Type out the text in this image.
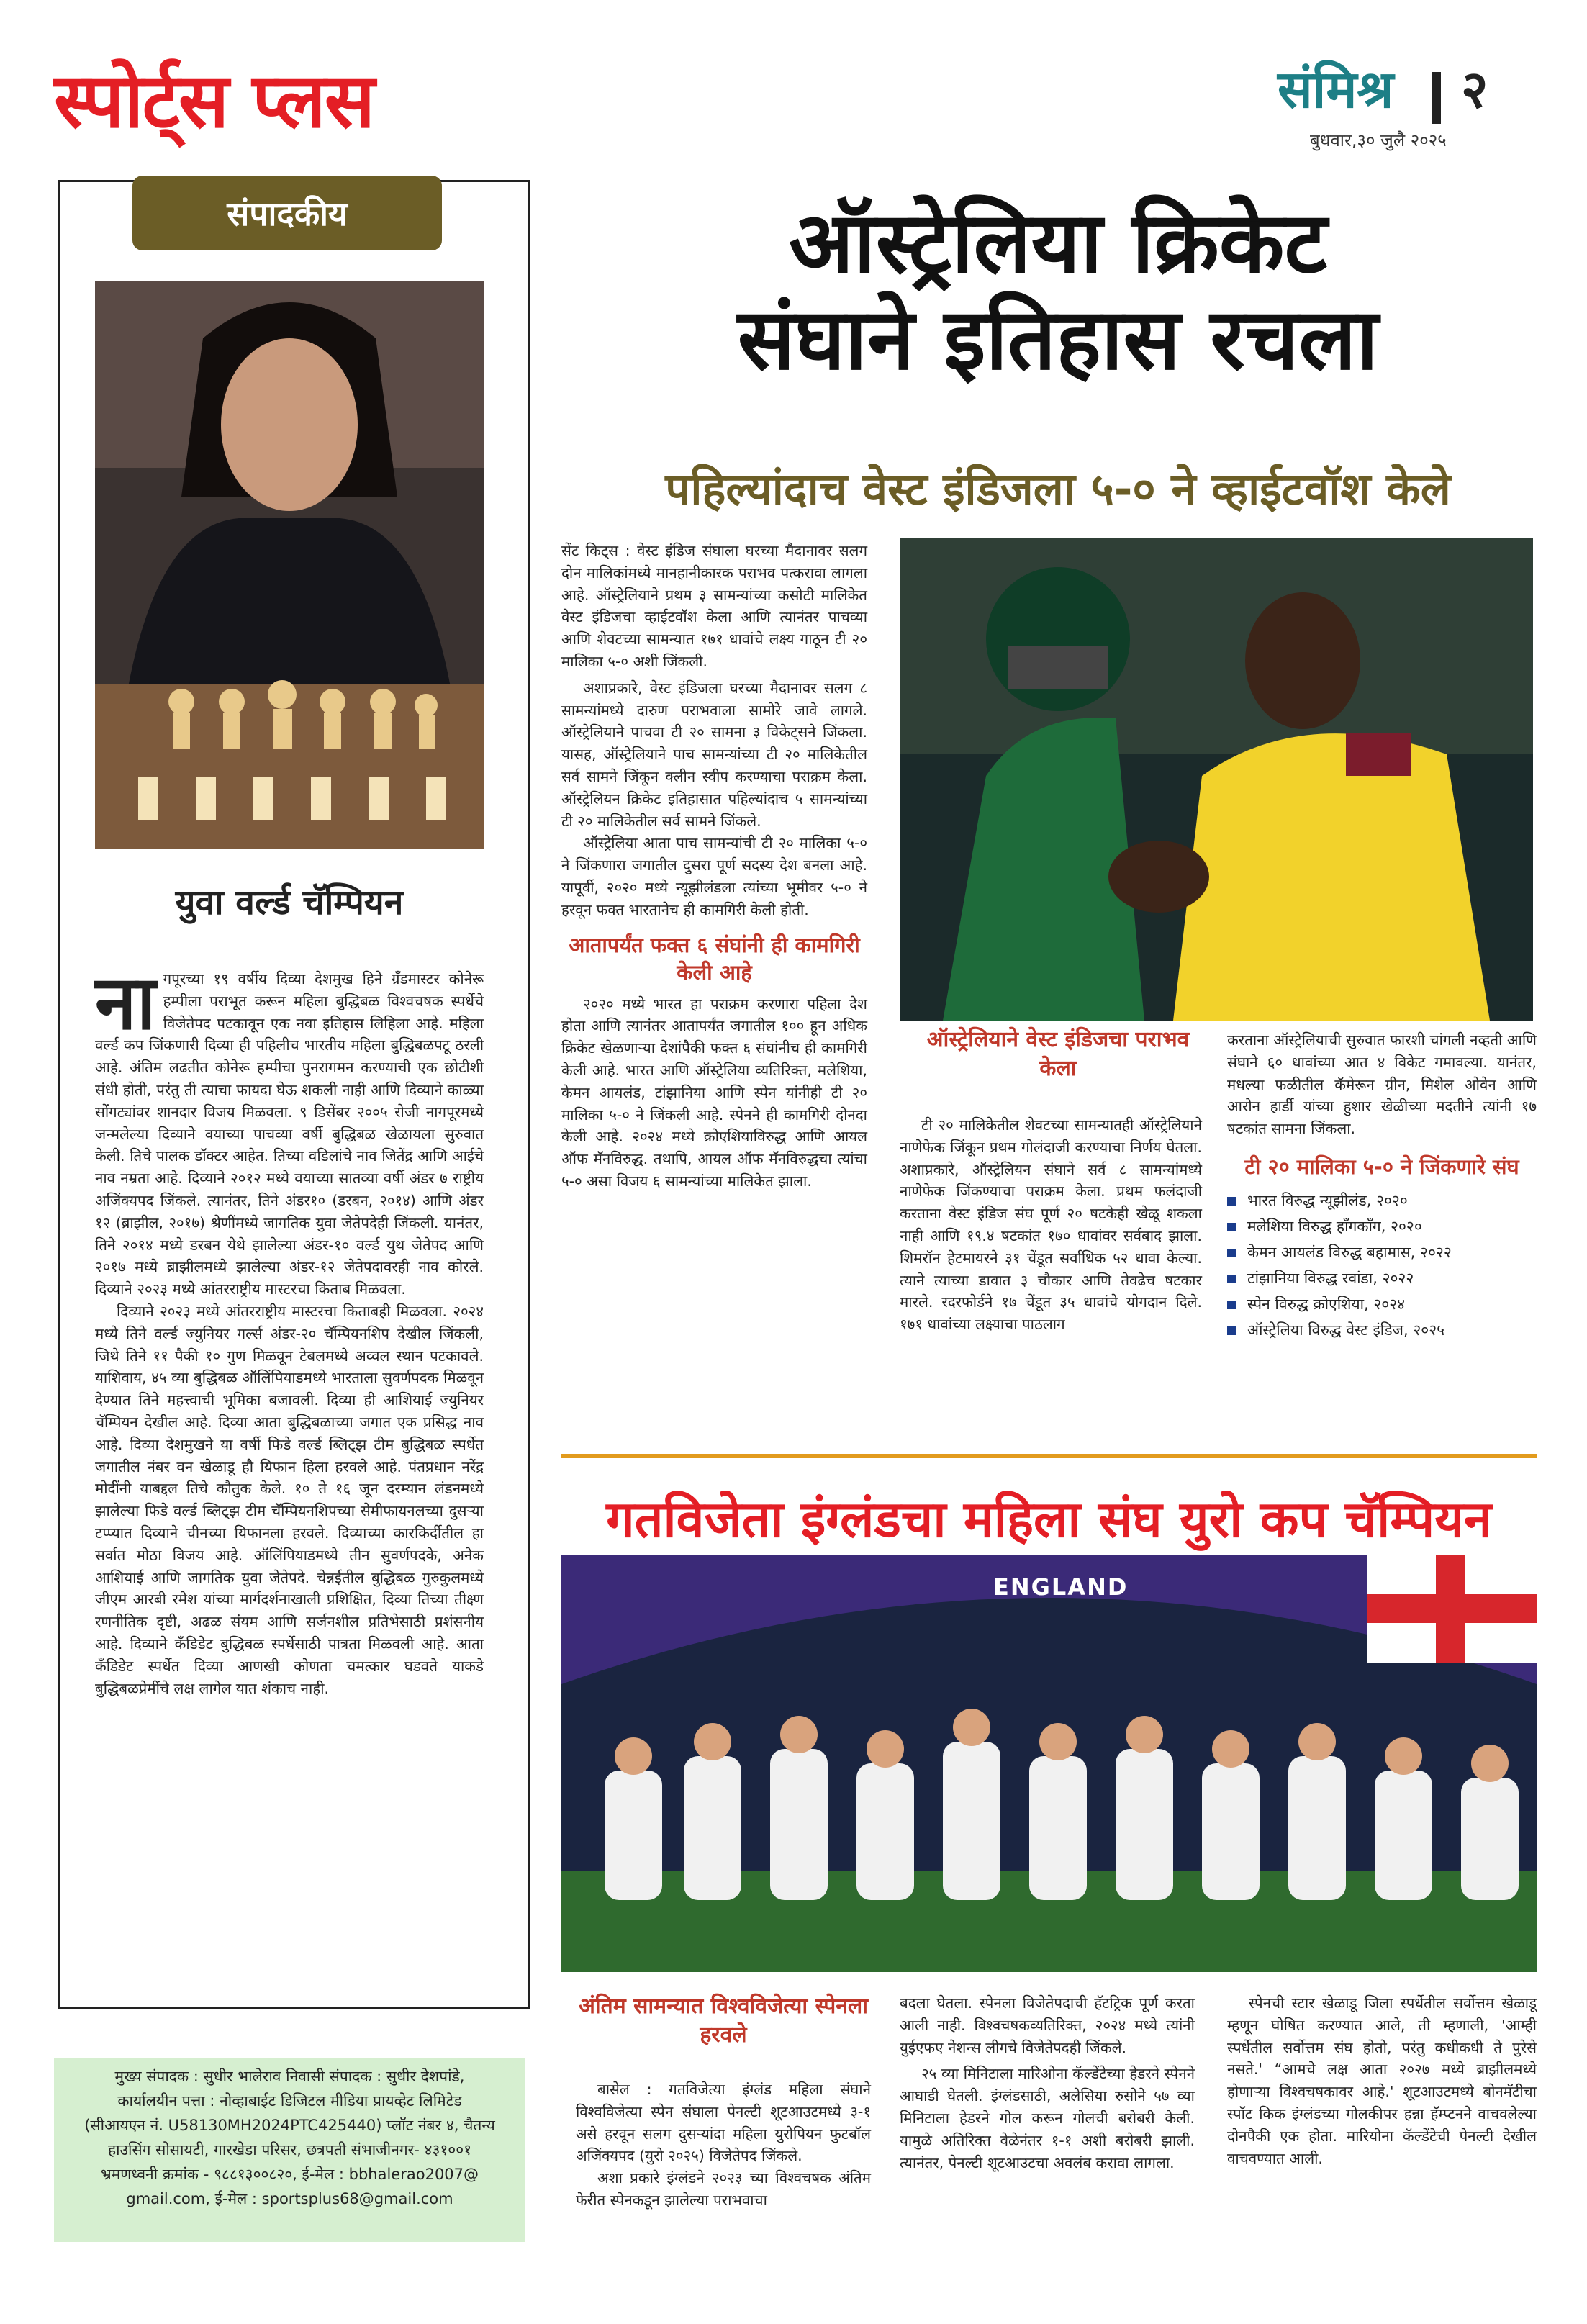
स्पोर्ट्स प्लस	संमिश्र २
बुधवार,३० जुलै २०२५
संपादकीय
युवा वर्ल्ड चॅम्पियन
ना गपूरच्या १९ वर्षीय दिव्या देशमुख हिने ग्रँडमास्टर कोनेरू हम्पीला पराभूत करून महिला बुद्धिबळ विश्वचषक स्पर्धेचे विजेतेपद पटकावून एक नवा इतिहास लिहिला आहे. महिला वर्ल्ड कप जिंकणारी दिव्या ही पहिलीच भारतीय महिला बुद्धिबळपटू ठरली आहे. अंतिम लढतीत कोनेरू हम्पीचा पुनरागमन करण्याची एक छोटीशी संधी होती, परंतु ती त्याचा फायदा घेऊ शकली नाही आणि दिव्याने काळ्या सोंगट्यांवर शानदार विजय मिळवला. ९ डिसेंबर २००५ रोजी नागपूरमध्ये जन्मलेल्या दिव्याने वयाच्या पाचव्या वर्षी बुद्धिबळ खेळायला सुरुवात केली. तिचे पालक डॉक्टर आहेत. तिच्या वडिलांचे नाव जितेंद्र आणि आईचे नाव नम्रता आहे. दिव्याने २०१२ मध्ये वयाच्या सातव्या वर्षी अंडर ७ राष्ट्रीय अजिंक्यपद जिंकले. त्यानंतर, तिने अंडर१० (डरबन, २०१४) आणि अंडर १२ (ब्राझील, २०१७) श्रेणींमध्ये जागतिक युवा जेतेपदेही जिंकली. यानंतर, तिने २०१४ मध्ये डरबन येथे झालेल्या अंडर-१० वर्ल्ड युथ जेतेपद आणि २०१७ मध्ये ब्राझीलमध्ये झालेल्या अंडर-१२ जेतेपदावरही नाव कोरले. दिव्याने २०२३ मध्ये आंतरराष्ट्रीय मास्टरचा किताब मिळवला.
दिव्याने २०२३ मध्ये आंतरराष्ट्रीय मास्टरचा किताबही मिळवला. २०२४ मध्ये तिने वर्ल्ड ज्युनियर गर्ल्स अंडर-२० चॅम्पियनशिप देखील जिंकली, जिथे तिने ११ पैकी १० गुण मिळवून टेबलमध्ये अव्वल स्थान पटकावले. याशिवाय, ४५ व्या बुद्धिबळ ऑलिंपियाडमध्ये भारताला सुवर्णपदक मिळवून देण्यात तिने महत्त्वाची भूमिका बजावली. दिव्या ही आशियाई ज्युनियर चॅम्पियन देखील आहे. दिव्या आता बुद्धिबळाच्या जगात एक प्रसिद्ध नाव आहे. दिव्या देशमुखने या वर्षी फिडे वर्ल्ड ब्लिट्झ टीम बुद्धिबळ स्पर्धेत जगातील नंबर वन खेळाडू हौ यिफान हिला हरवले आहे. पंतप्रधान नरेंद्र मोदींनी याबद्दल तिचे कौतुक केले. १० ते १६ जून दरम्यान लंडनमध्ये झालेल्या फिडे वर्ल्ड ब्लिट्झ टीम चॅम्पियनशिपच्या सेमीफायनलच्या दुसऱ्या टप्प्यात दिव्याने चीनच्या यिफानला हरवले. दिव्याच्या कारकिर्दीतील हा सर्वात मोठा विजय आहे. ऑलिंपियाडमध्ये तीन सुवर्णपदके, अनेक आशियाई आणि जागतिक युवा जेतेपदे. चेन्नईतील बुद्धिबळ गुरुकुलमध्ये जीएम आरबी रमेश यांच्या मार्गदर्शनाखाली प्रशिक्षित, दिव्या तिच्या तीक्ष्ण रणनीतिक दृष्टी, अढळ संयम आणि सर्जनशील प्रतिभेसाठी प्रशंसनीय आहे. दिव्याने कँडिडेट बुद्धिबळ स्पर्धेसाठी पात्रता मिळवली आहे. आता कँडिडेट स्पर्धेत दिव्या आणखी कोणता चमत्कार घडवते याकडे बुद्धिबळप्रेमींचे लक्ष लागेल यात शंकाच नाही.
मुख्य संपादक : सुधीर भालेराव निवासी संपादक : सुधीर देशपांडे,
कार्यालयीन पत्ता : नोव्हाबाईट डिजिटल मीडिया प्रायव्हेट लिमिटेड
(सीआयएन नं. U58130MH2024PTC425440) प्लॉट नंबर ४, चैतन्य
हाउसिंग सोसायटी, गारखेडा परिसर, छत्रपती संभाजीनगर- ४३१००१
भ्रमणध्वनी क्रमांक - ९८८१३००८२०, ई-मेल : bbhalerao2007@
gmail.com, ई-मेल : sportsplus68@gmail.com
ऑस्ट्रेलिया क्रिकेट
संघाने इतिहास रचला
पहिल्यांदाच वेस्ट इंडिजला ५-० ने व्हाईटवॉश केले

सेंट किट्स : वेस्ट इंडिज संघाला घरच्या मैदानावर सलग दोन मालिकांमध्ये मानहानीकारक पराभव पत्करावा लागला आहे. ऑस्ट्रेलियाने प्रथम ३ सामन्यांच्या कसोटी मालिकेत वेस्ट इंडिजचा व्हाईटवॉश केला आणि त्यानंतर पाचव्या आणि शेवटच्या सामन्यात १७१ धावांचे लक्ष्य गाठून टी २० मालिका ५-० अशी जिंकली.

अशाप्रकारे, वेस्ट इंडिजला घरच्या मैदानावर सलग ८ सामन्यांमध्ये दारुण पराभवाला सामोरे जावे लागले. ऑस्ट्रेलियाने पाचवा टी २० सामना ३ विकेट्सने जिंकला. यासह, ऑस्ट्रेलियाने पाच सामन्यांच्या टी २० मालिकेतील सर्व सामने जिंकून क्लीन स्वीप करण्याचा पराक्रम केला. ऑस्ट्रेलियन क्रिकेट इतिहासात पहिल्यांदाच ५ सामन्यांच्या टी २० मालिकेतील सर्व सामने जिंकले.

ऑस्ट्रेलिया आता पाच सामन्यांची टी २० मालिका ५-० ने जिंकणारा जगातील दुसरा पूर्ण सदस्य देश बनला आहे. यापूर्वी, २०२० मध्ये न्यूझीलंडला त्यांच्या भूमीवर ५-० ने हरवून फक्त भारतानेच ही कामगिरी केली होती.

आतापर्यंत फक्त ६ संघांनी ही कामगिरी केली आहे

२०२० मध्ये भारत हा पराक्रम करणारा पहिला देश होता आणि त्यानंतर आतापर्यंत जगातील १०० हून अधिक क्रिकेट खेळणाऱ्या देशांपैकी फक्त ६ संघांनीच ही कामगिरी केली आहे. भारत आणि ऑस्ट्रेलिया व्यतिरिक्त, मलेशिया, केमन आयलंड, टांझानिया आणि स्पेन यांनीही टी २० मालिका ५-० ने जिंकली आहे. स्पेनने ही कामगिरी दोनदा केली आहे. २०२४ मध्ये क्रोएशियाविरुद्ध आणि आयल ऑफ मॅनविरुद्ध. तथापि, आयल ऑफ मॅनविरुद्धचा त्यांचा ५-० असा विजय ६ सामन्यांच्या मालिकेत झाला.

ऑस्ट्रेलियाने वेस्ट इंडिजचा पराभव केला

टी २० मालिकेतील शेवटच्या सामन्यातही ऑस्ट्रेलियाने नाणेफेक जिंकून प्रथम गोलंदाजी करण्याचा निर्णय घेतला. अशाप्रकारे, ऑस्ट्रेलियन संघाने सर्व ८ सामन्यांमध्ये नाणेफेक जिंकण्याचा पराक्रम केला. प्रथम फलंदाजी करताना वेस्ट इंडिज संघ पूर्ण २० षटकेही खेळू शकला नाही आणि १९.४ षटकांत १७० धावांवर सर्वबाद झाला. शिमरॉन हेटमायरने ३१ चेंडूत सर्वाधिक ५२ धावा केल्या. त्याने त्याच्या डावात ३ चौकार आणि तेवढेच षटकार मारले. रदरफोर्डने १७ चेंडूत ३५ धावांचे योगदान दिले. १७१ धावांच्या लक्ष्याचा पाठलाग

करताना ऑस्ट्रेलियाची सुरुवात फारशी चांगली नव्हती आणि संघाने ६० धावांच्या आत ४ विकेट गमावल्या. यानंतर, मधल्या फळीतील कॅमेरून ग्रीन, मिशेल ओवेन आणि आरोन हार्डी यांच्या हुशार खेळीच्या मदतीने त्यांनी १७ षटकांत सामना जिंकला.

टी २० मालिका ५-० ने जिंकणारे संघ
भारत विरुद्ध न्यूझीलंड, २०२०
मलेशिया विरुद्ध हाँगकाँग, २०२०
केमन आयलंड विरुद्ध बहामास, २०२२
टांझानिया विरुद्ध रवांडा, २०२२
स्पेन विरुद्ध क्रोएशिया, २०२४
ऑस्ट्रेलिया विरुद्ध वेस्ट इंडिज, २०२५
गतविजेता इंग्लंडचा महिला संघ युरो कप चॅम्पियन
ENGLAND
अंतिम सामन्यात विश्वविजेत्या स्पेनला हरवले

बासेल : गतविजेत्या इंग्लंड महिला संघाने विश्वविजेत्या स्पेन संघाला पेनल्टी शूटआउटमध्ये ३-१ असे हरवून सलग दुसऱ्यांदा महिला युरोपियन फुटबॉल अजिंक्यपद (युरो २०२५) विजेतेपद जिंकले.

अशा प्रकारे इंग्लंडने २०२३ च्या विश्वचषक अंतिम फेरीत स्पेनकडून झालेल्या पराभवाचा

बदला घेतला. स्पेनला विजेतेपदाची हॅटट्रिक पूर्ण करता आली नाही. विश्वचषकव्यतिरिक्त, २०२४ मध्ये त्यांनी युईएफए नेशन्स लीगचे विजेतेपदही जिंकले.

२५ व्या मिनिटाला मारिओना कॅल्डेंटेच्या हेडरने स्पेनने आघाडी घेतली. इंग्लंडसाठी, अलेसिया रुसोने ५७ व्या मिनिटाला हेडरने गोल करून गोलची बरोबरी केली. यामुळे अतिरिक्त वेळेनंतर १-१ अशी बरोबरी झाली. त्यानंतर, पेनल्टी शूटआउटचा अवलंब करावा लागला.

स्पेनची स्टार खेळाडू जिला स्पर्धेतील सर्वोत्तम खेळाडू म्हणून घोषित करण्यात आले, ती म्हणाली, 'आम्ही स्पर्धेतील सर्वोत्तम संघ होतो, परंतु कधीकधी ते पुरेसे नसते.' “आमचे लक्ष आता २०२७ मध्ये ब्राझीलमध्ये होणाऱ्या विश्वचषकावर आहे.' शूटआउटमध्ये बोनमॅटीचा स्पॉट किक इंग्लंडच्या गोलकीपर हन्ना हॅम्प्टनने वाचवलेल्या दोनपैकी एक होता. मारियोना कॅल्डेंटेची पेनल्टी देखील वाचवण्यात आली.
